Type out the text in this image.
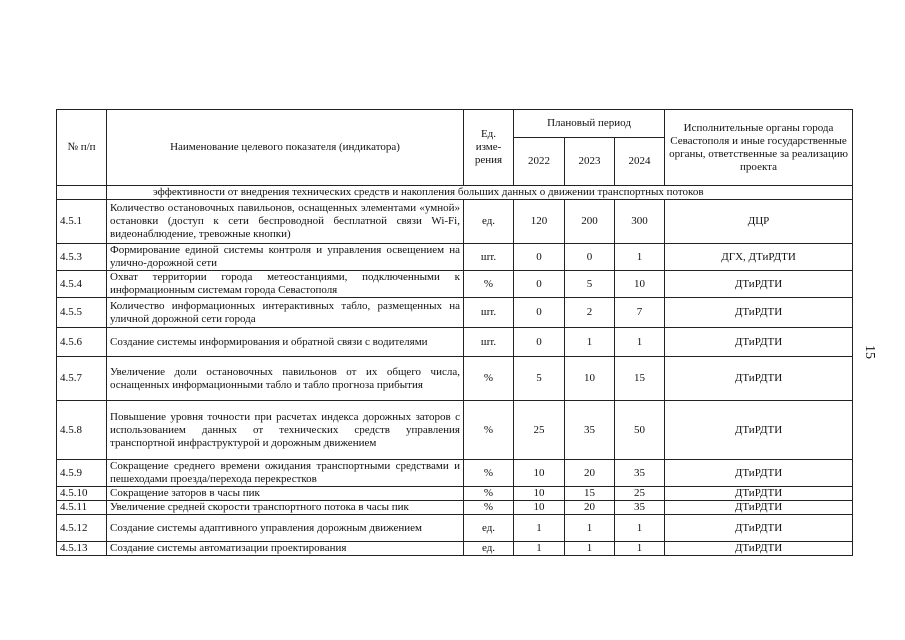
№ п/п	Наименование целевого показателя (индикатора)	Ед. изме-рения	Плановый период			Исполнительные органы города Севастополя и иные государственные органы, ответственные за реализацию проекта
			2022	2023	2024	
	эффективности от внедрения технических средств и накопления больших данных о движении транспортных потоков					
4.5.1	Количество остановочных павильонов, оснащенных элементами «умной» остановки (доступ к сети беспроводной бесплатной связи Wi-Fi, видеонаблюдение, тревожные кнопки)	ед.	120	200	300	ДЦР
4.5.3	Формирование единой системы контроля и управления освещением на улично-дорожной сети	шт.	0	0	1	ДГХ, ДТиРДТИ
4.5.4	Охват территории города метеостанциями, подключенными к информационным системам города Севастополя	%	0	5	10	ДТиРДТИ
4.5.5	Количество информационных интерактивных табло, размещенных на уличной дорожной сети города	шт.	0	2	7	ДТиРДТИ
4.5.6	Создание системы информирования и обратной связи с водителями	шт.	0	1	1	ДТиРДТИ
4.5.7	Увеличение доли остановочных павильонов от их общего числа, оснащенных информационными табло и табло прогноза прибытия	%	5	10	15	ДТиРДТИ
4.5.8	Повышение уровня точности при расчетах индекса дорожных заторов с использованием данных от технических средств управления транспортной инфраструктурой и дорожным движением	%	25	35	50	ДТиРДТИ
4.5.9	Сокращение среднего времени ожидания транспортными средствами и пешеходами проезда/перехода перекрестков	%	10	20	35	ДТиРДТИ
4.5.10	Сокращение заторов в часы пик	%	10	15	25	ДТиРДТИ
4.5.11	Увеличение средней скорости транспортного потока в часы пик	%	10	20	35	ДТиРДТИ
4.5.12	Создание системы адаптивного управления дорожным движением	ед.	1	1	1	ДТиРДТИ
4.5.13	Создание системы автоматизации проектирования	ед.	1	1	1	ДТиРДТИ
15
